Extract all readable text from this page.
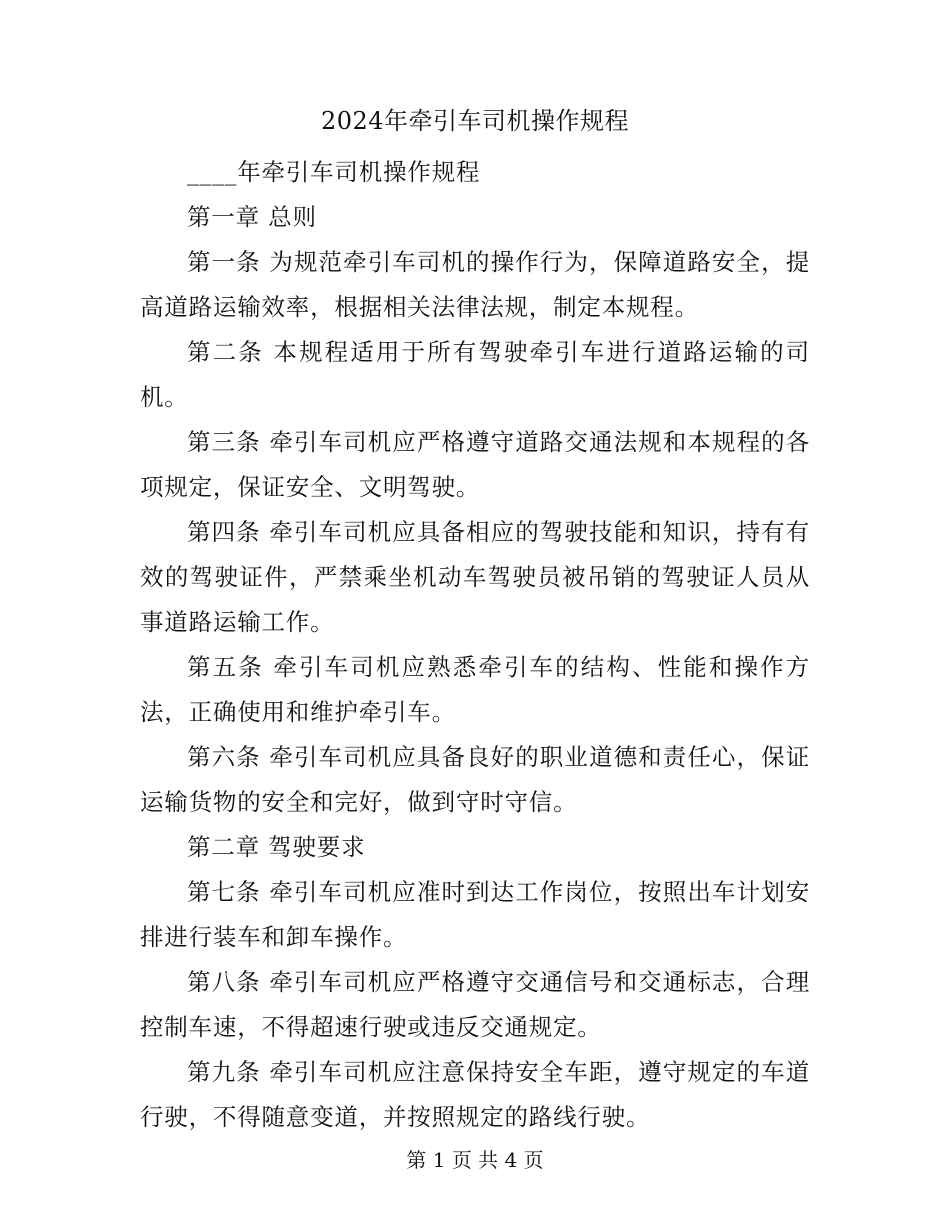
2024年牵引车司机操作规程

____年牵引车司机操作规程

第一章 总则

第一条 为规范牵引车司机的操作行为，保障道路安全，提高道路运输效率，根据相关法律法规，制定本规程。

第二条 本规程适用于所有驾驶牵引车进行道路运输的司机。

第三条 牵引车司机应严格遵守道路交通法规和本规程的各项规定，保证安全、文明驾驶。

第四条 牵引车司机应具备相应的驾驶技能和知识，持有有效的驾驶证件，严禁乘坐机动车驾驶员被吊销的驾驶证人员从事道路运输工作。

第五条 牵引车司机应熟悉牵引车的结构、性能和操作方法，正确使用和维护牵引车。

第六条 牵引车司机应具备良好的职业道德和责任心，保证运输货物的安全和完好，做到守时守信。

第二章 驾驶要求

第七条 牵引车司机应准时到达工作岗位，按照出车计划安排进行装车和卸车操作。

第八条 牵引车司机应严格遵守交通信号和交通标志，合理控制车速，不得超速行驶或违反交通规定。

第九条 牵引车司机应注意保持安全车距，遵守规定的车道行驶，不得随意变道，并按照规定的路线行驶。

第 1 页 共 4 页
